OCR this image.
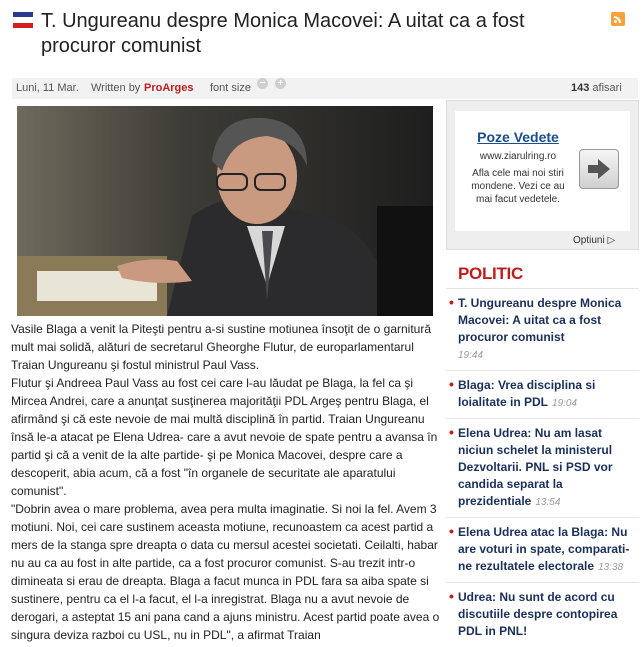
T. Ungureanu despre Monica Macovei: A uitat ca a fost procuror comunist
Luni, 11 Mar. Written by ProArges font size − +	143 afisari

Vasile Blaga a venit la Piteşti pentru a-si sustine motiunea însoţit de o garnitură mult mai solidă, alături de secretarul Gheorghe Flutur, de europarlamentarul Traian Ungureanu şi fostul ministrul Paul Vass.

Flutur şi Andreea Paul Vass au fost cei care l-au lăudat pe Blaga, la fel ca şi Mircea Andrei, care a anunţat susţinerea majorităţii PDL Argeş pentru Blaga, el afirmând şi că este nevoie de mai multă disciplină în partid. Traian Ungureanu însă le-a atacat pe Elena Udrea- care a avut nevoie de spate pentru a avansa în partid şi că a venit de la alte partide- şi pe Monica Macovei, despre care a descoperit, abia acum, că a fost "în organele de securitate ale aparatului comunist".

"Dobrin avea o mare problema, avea pera multa imaginatie. Si noi la fel. Avem 3 motiuni. Noi, cei care sustinem aceasta motiune, recunoastem ca acest partid a mers de la stanga spre dreapta o data cu mersul acestei societati. Ceilalti, habar nu au ca au fost in alte partide, ca a fost procuror comunist. S-au trezit intr-o dimineata si erau de dreapta. Blaga a facut munca in PDL fara sa aiba spate si sustinere, pentru ca el l-a facut, el l-a inregistrat. Blaga nu a avut nevoie de derogari, a asteptat 15 ani pana cand a ajuns ministru. Acest partid poate avea o singura deviza razboi cu USL, nu in PDL", a afirmat Traian

Poze Vedete
www.ziarulring.ro
Afla cele mai noi stiri mondene. Vezi ce au mai facut vedetele.
Optiuni ▷
POLITIC
• T. Ungureanu despre Monica Macovei: A uitat ca a fost procuror comunist
19:44
• Blaga: Vrea disciplina si loialitate in PDL 19:04
• Elena Udrea: Nu am lasat niciun schelet la ministerul Dezvoltarii. PNL si PSD vor candida separat la prezidentiale 13:54
• Elena Udrea atac la Blaga: Nu are voturi in spate, comparati-ne rezultatele electorale 13:38
• Udrea: Nu sunt de acord cu discutiile despre contopirea PDL in PNL!
